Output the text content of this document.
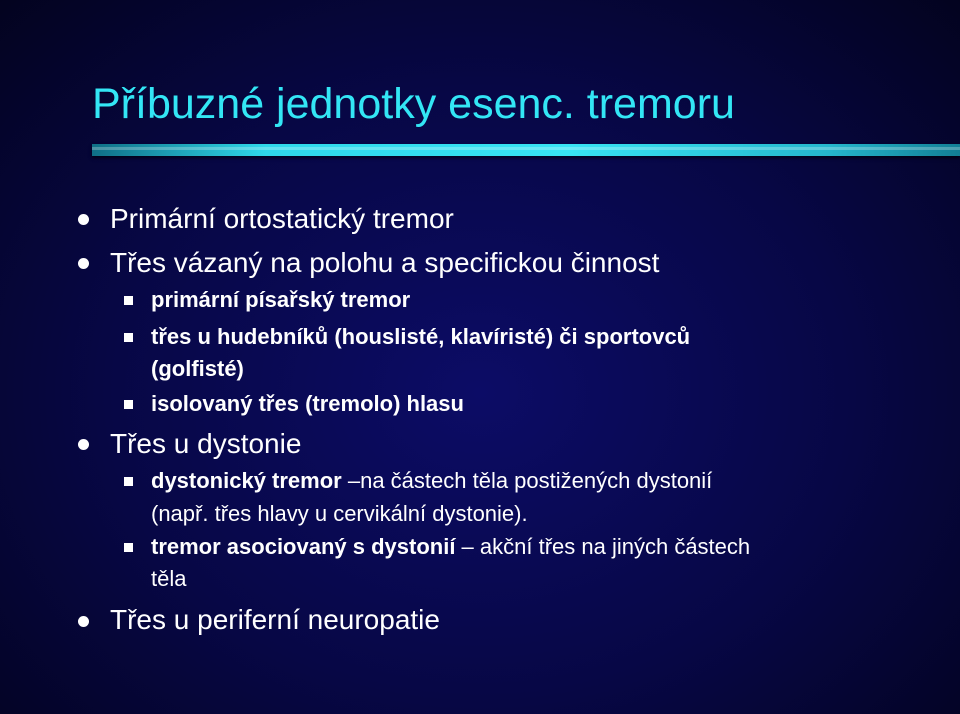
Příbuzné jednotky esenc. tremoru
Primární ortostatický tremor
Třes vázaný na polohu a specifickou činnost
primární písařský tremor
třes u hudebníků (houslisté, klavíristé) či sportovců
(golfisté)
isolovaný třes (tremolo) hlasu
Třes u dystonie
dystonický tremor –na částech těla postižených dystonií
(např. třes hlavy u cervikální dystonie).
tremor asociovaný s dystonií – akční třes na jiných částech
těla
Třes u periferní neuropatie
